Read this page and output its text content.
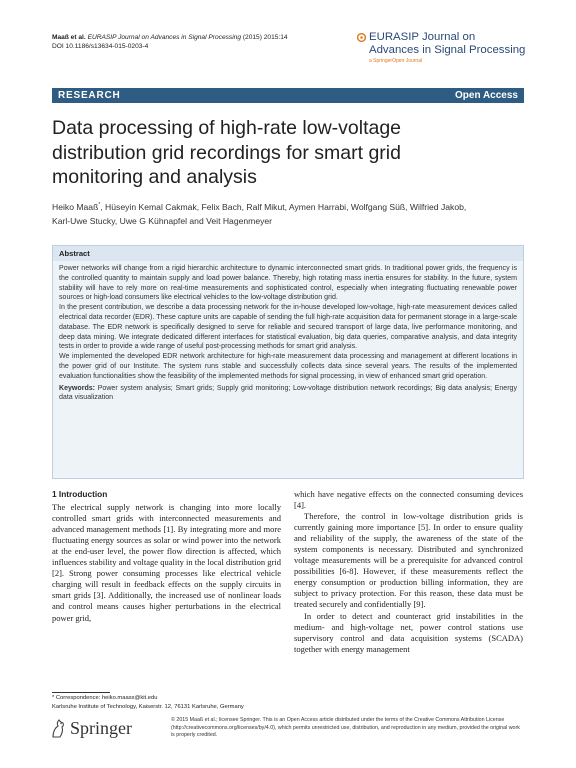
Maaß et al. EURASIP Journal on Advances in Signal Processing (2015) 2015:14
DOI 10.1186/s13634-015-0203-4
EURASIP Journal on
Advances in Signal Processing
a SpringerOpen Journal
RESEARCH	Open Access
Data processing of high-rate low-voltage
distribution grid recordings for smart grid
monitoring and analysis
Heiko Maaß*, Hüseyin Kemal Cakmak, Felix Bach, Ralf Mikut, Aymen Harrabi, Wolfgang Süß, Wilfried Jakob,
Karl-Uwe Stucky, Uwe G Kühnapfel and Veit Hagenmeyer
Abstract

Power networks will change from a rigid hierarchic architecture to dynamic interconnected smart grids. In traditional power grids, the frequency is the controlled quantity to maintain supply and load power balance. Thereby, high rotating mass inertia ensures for stability. In the future, system stability will have to rely more on real-time measurements and sophisticated control, especially when integrating fluctuating renewable power sources or high-load consumers like electrical vehicles to the low-voltage distribution grid.

In the present contribution, we describe a data processing network for the in-house developed low-voltage, high-rate measurement devices called electrical data recorder (EDR). These capture units are capable of sending the full high-rate acquisition data for permanent storage in a large-scale database. The EDR network is specifically designed to serve for reliable and secured transport of large data, live performance monitoring, and deep data mining. We integrate dedicated different interfaces for statistical evaluation, big data queries, comparative analysis, and data integrity tests in order to provide a wide range of useful post-processing methods for smart grid analysis.

We implemented the developed EDR network architecture for high-rate measurement data processing and management at different locations in the power grid of our Institute. The system runs stable and successfully collects data since several years. The results of the implemented evaluation functionalities show the feasibility of the implemented methods for signal processing, in view of enhanced smart grid operation.

Keywords: Power system analysis; Smart grids; Supply grid monitoring; Low-voltage distribution network recordings; Big data analysis; Energy data visualization

1 Introduction

The electrical supply network is changing into more locally controlled smart grids with interconnected measurements and advanced management methods [1]. By integrating more and more fluctuating energy sources as solar or wind power into the network at the end-user level, the power flow direction is affected, which influences stability and voltage quality in the local distribution grid [2]. Strong power consuming processes like electrical vehicle charging will result in feedback effects on the supply circuits in smart grids [3]. Additionally, the increased use of nonlinear loads and control means causes higher perturbations in the electrical power grid,

which have negative effects on the connected consuming devices [4].

Therefore, the control in low-voltage distribution grids is currently gaining more importance [5]. In order to ensure quality and reliability of the supply, the awareness of the state of the system components is necessary. Distributed and synchronized voltage measurements will be a prerequisite for advanced control possibilities [6-8]. However, if these measurements reflect the energy consumption or production billing information, they are subject to privacy protection. For this reason, these data must be treated securely and confidentially [9].

In order to detect and counteract grid instabilities in the medium- and high-voltage net, power control stations use supervisory control and data acquisition systems (SCADA) together with energy management

* Correspondence: heiko.maass@kit.edu
Karlsruhe Institute of Technology, Kaiserstr. 12, 76131 Karlsruhe, Germany
Springer	© 2015 Maaß et al.; licensee Springer. This is an Open Access article distributed under the terms of the Creative Commons Attribution License (http://creativecommons.org/licenses/by/4.0), which permits unrestricted use, distribution, and reproduction in any medium, provided the original work is properly credited.
